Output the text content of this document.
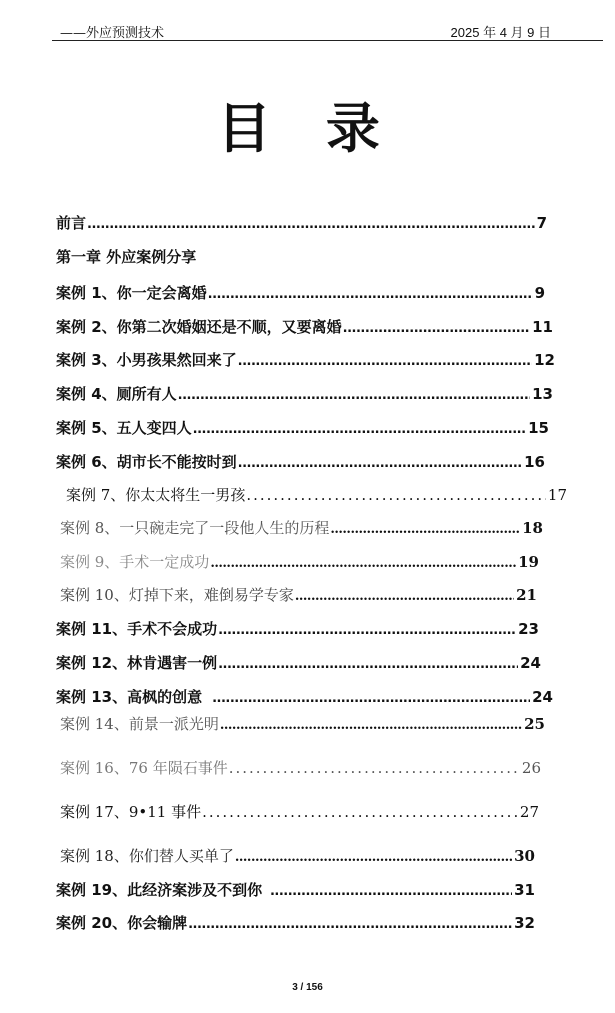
——外应预测技术	2025 年 4 月 9 日
目 录
前言 .....	7
第一章 外应案例分享
案例 1、你一定会离婚 .....	9
案例 2、你第二次婚姻还是不顺，又要离婚 .....	11
案例 3、小男孩果然回来了 .....	12
案例 4、厕所有人 .....	13
案例 5、五人变四人 .....	15
案例 6、胡市长不能按时到 .....	16
案例 7、你太太将生一男孩 .....	17
案例 8、一只碗走完了一段他人生的历程 .....	18
案例 9、手术一定成功 .....	19
案例 10、灯掉下来，难倒易学专家 .....	21
案例 11、手术不会成功 .....	23
案例 12、林肯遇害一例 .....	24
案例 13、高枫的创意 .....	24
案例 14、前景一派光明 .....	25
案例 16、76 年陨石事件 .....	26
案例 17、9•11 事件 .....	27
案例 18、你们替人买单了 .....	30
案例 19、此经济案涉及不到你 .....	31
案例 20、你会输牌 .....	32
3 / 156
